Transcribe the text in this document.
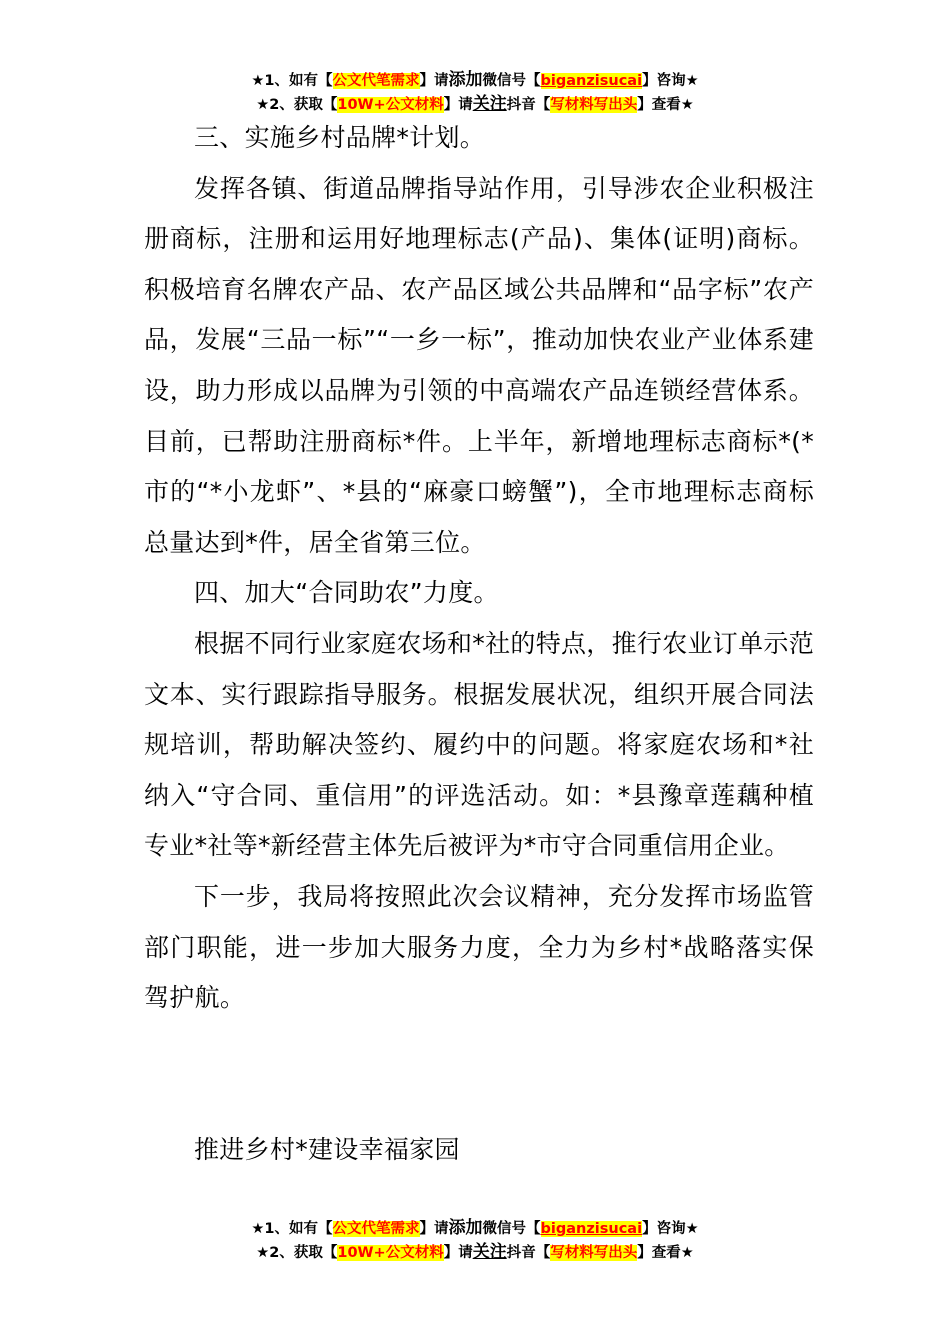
★1、如有【公文代笔需求】请添加微信号【biganzisucai】咨询★
★2、获取【10W+公文材料】请关注抖音【写材料写出头】查看★

三、实施乡村品牌*计划。

发挥各镇、街道品牌指导站作用，引导涉农企业积极注册商标，注册和运用好地理标志(产品)、集体(证明)商标。积极培育名牌农产品、农产品区域公共品牌和“品字标”农产品，发展“三品一标”“一乡一标”，推动加快农业产业体系建设，助力形成以品牌为引领的中高端农产品连锁经营体系。目前，已帮助注册商标*件。上半年，新增地理标志商标*(*市的“*小龙虾”、*县的“麻豪口螃蟹”)，全市地理标志商标总量达到*件，居全省第三位。

四、加大“合同助农”力度。

根据不同行业家庭农场和*社的特点，推行农业订单示范文本、实行跟踪指导服务。根据发展状况，组织开展合同法规培训，帮助解决签约、履约中的问题。将家庭农场和*社纳入“守合同、重信用”的评选活动。如：*县豫章莲藕种植专业*社等*新经营主体先后被评为*市守合同重信用企业。

下一步，我局将按照此次会议精神，充分发挥市场监管部门职能，进一步加大服务力度，全力为乡村*战略落实保驾护航。

推进乡村*建设幸福家园

★1、如有【公文代笔需求】请添加微信号【biganzisucai】咨询★
★2、获取【10W+公文材料】请关注抖音【写材料写出头】查看★
